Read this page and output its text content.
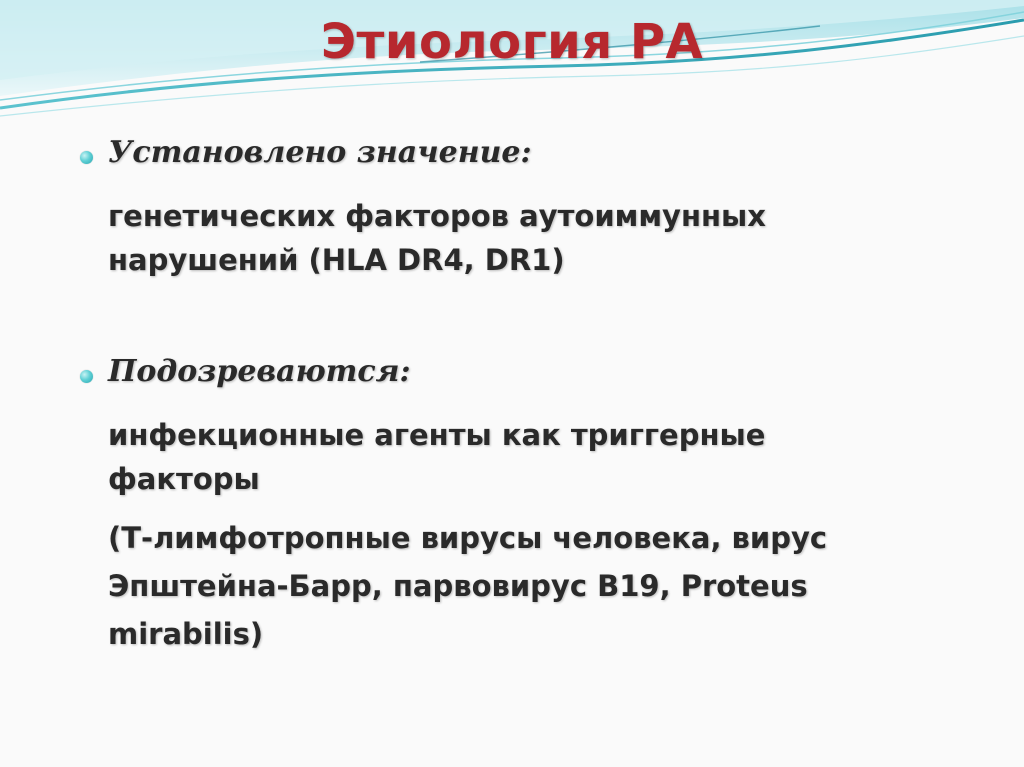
Этиология РА
Установлено значение:
генетических факторов аутоиммунных
нарушений (HLA DR4, DR1)
Подозреваются:
инфекционные агенты как триггерные
факторы
(Т-лимфотропные вирусы человека, вирус
Эпштейна-Барр, парвовирус В19, Proteus
mirabilis)
